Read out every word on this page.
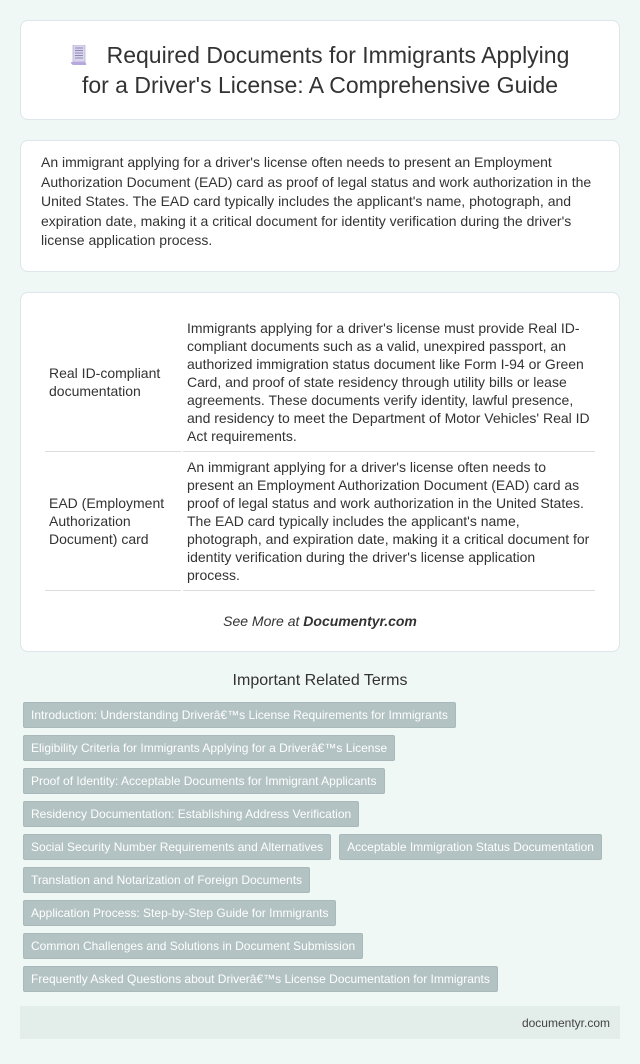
Required Documents for Immigrants Applying for a Driver's License: A Comprehensive Guide

An immigrant applying for a driver's license often needs to present an Employment Authorization Document (EAD) card as proof of legal status and work authorization in the United States. The EAD card typically includes the applicant's name, photograph, and expiration date, making it a critical document for identity verification during the driver's license application process.

Real ID-compliant documentation	Immigrants applying for a driver's license must provide Real ID-compliant documents such as a valid, unexpired passport, an authorized immigration status document like Form I-94 or Green Card, and proof of state residency through utility bills or lease agreements. These documents verify identity, lawful presence, and residency to meet the Department of Motor Vehicles' Real ID Act requirements.
EAD (Employment Authorization Document) card	An immigrant applying for a driver's license often needs to present an Employment Authorization Document (EAD) card as proof of legal status and work authorization in the United States. The EAD card typically includes the applicant's name, photograph, and expiration date, making it a critical document for identity verification during the driver's license application process.
See More at Documentyr.com
Important Related Terms
Introduction: Understanding Driverâ€™s License Requirements for Immigrants
Eligibility Criteria for Immigrants Applying for a Driverâ€™s License
Proof of Identity: Acceptable Documents for Immigrant Applicants
Residency Documentation: Establishing Address Verification
Social Security Number Requirements and Alternatives	Acceptable Immigration Status Documentation
Translation and Notarization of Foreign Documents
Application Process: Step-by-Step Guide for Immigrants
Common Challenges and Solutions in Document Submission
Frequently Asked Questions about Driverâ€™s License Documentation for Immigrants
documentyr.com
